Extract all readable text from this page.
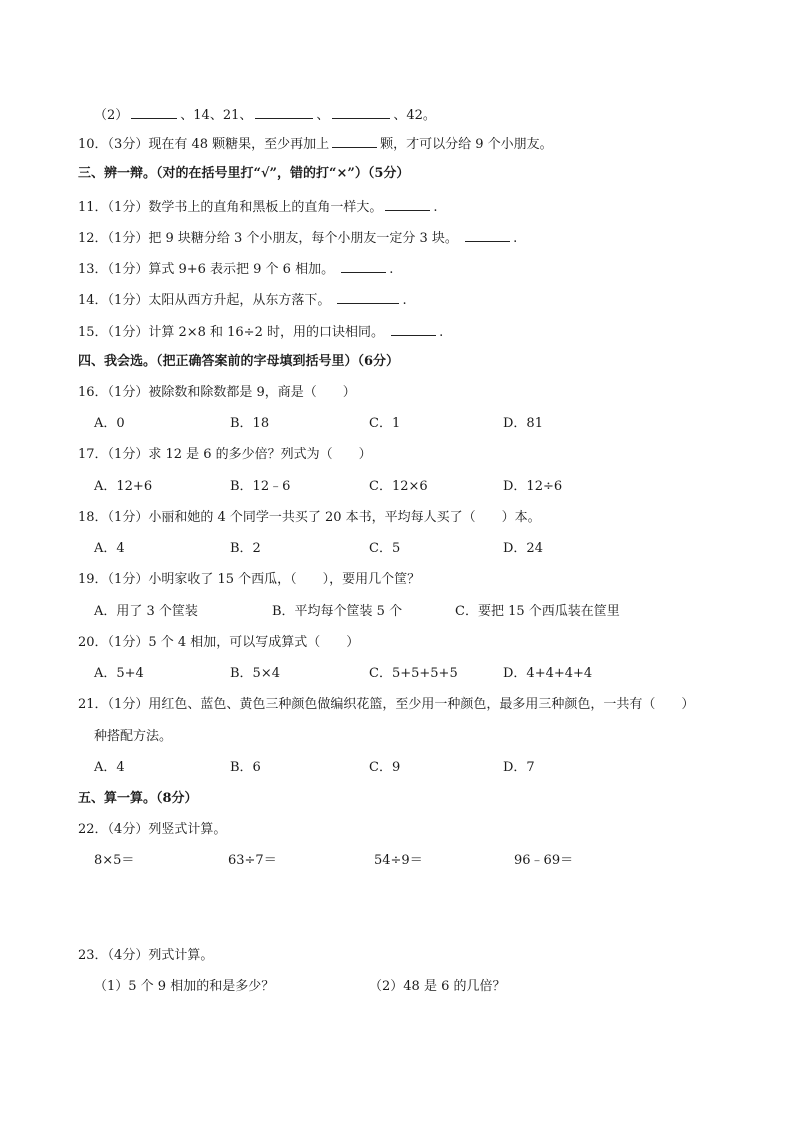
（2）	、14、21、	、	、42。
10．（3分）现在有 48 颗糖果，至少再加上	颗，才可以分给 9 个小朋友。
三、辨一辩。（对的在括号里打“√”，错的打“×”）（5分）
11．（1分）数学书上的直角和黑板上的直角一样大。	.
12．（1分）把 9 块糖分给 3 个小朋友，每个小朋友一定分 3 块。	.
13．（1分）算式 9+6 表示把 9 个 6 相加。	.
14．（1分）太阳从西方升起，从东方落下。	.
15．（1分）计算 2×8 和 16÷2 时，用的口诀相同。	.
四、我会选。（把正确答案前的字母填到括号里）（6分）
16．（1分）被除数和除数都是 9，商是（　　）
A．0	B．18	C．1	D．81
17．（1分）求 12 是 6 的多少倍？列式为（　　）
A．12+6	B．12﹣6	C．12×6	D．12÷6
18．（1分）小丽和她的 4 个同学一共买了 20 本书，平均每人买了（　　）本。
A．4	B．2	C．5	D．24
19．（1分）小明家收了 15 个西瓜，（　　），要用几个筐？
A．用了 3 个筐装	B．平均每个筐装 5 个	C．要把 15 个西瓜装在筐里
20．（1分）5 个 4 相加，可以写成算式（　　）
A．5+4	B．5×4	C．5+5+5+5	D．4+4+4+4
21．（1分）用红色、蓝色、黄色三种颜色做编织花篮，至少用一种颜色，最多用三种颜色，一共有（　　）
种搭配方法。
A．4	B．6	C．9	D．7
五、算一算。（8分）
22．（4分）列竖式计算。
8×5＝	63÷7＝	54÷9＝	96﹣69＝
23．（4分）列式计算。
（1）5 个 9 相加的和是多少？	（2）48 是 6 的几倍？
